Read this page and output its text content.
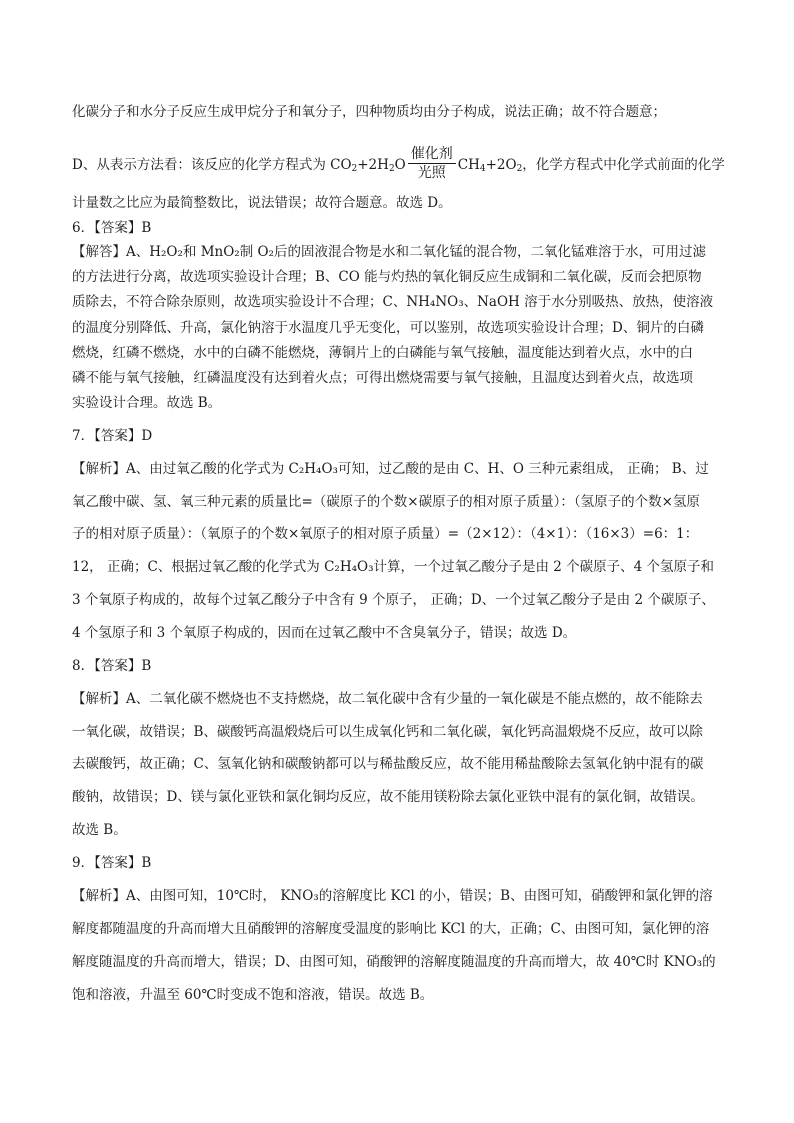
化碳分子和水分子反应生成甲烷分子和氧分子，四种物质均由分子构成，说法正确；故不符合题意；
D、从表示方法看：该反应的化学方程式为 $CO_2+2H_2O \frac{\text{催化剂}}{\text{光照}} CH_4+2O_2$，化学方程式中化学式前面的化学
计量数之比应为最简整数比，说法错误；故符合题意。故选 D。
6．【答案】B
【解答】A、H₂O₂和 MnO₂制 O₂后的固液混合物是水和二氧化锰的混合物，二氧化锰难溶于水，可用过滤
的方法进行分离，故选项实验设计合理；B、CO 能与灼热的氧化铜反应生成铜和二氧化碳，反而会把原物
质除去，不符合除杂原则，故选项实验设计不合理；C、NH₄NO₃、NaOH 溶于水分别吸热、放热，使溶液
的温度分别降低、升高，氯化钠溶于水温度几乎无变化，可以鉴别，故选项实验设计合理；D、铜片的白磷
燃烧，红磷不燃烧，水中的白磷不能燃烧，薄铜片上的白磷能与氧气接触，温度能达到着火点，水中的白
磷不能与氧气接触，红磷温度没有达到着火点；可得出燃烧需要与氧气接触，且温度达到着火点，故选项
实验设计合理。故选 B。
7．【答案】D
【解析】A、由过氧乙酸的化学式为 C₂H₄O₃可知，过乙酸的是由 C、H、O 三种元素组成， 正确； B、过
氧乙酸中碳、氢、氧三种元素的质量比=（碳原子的个数×碳原子的相对原子质量）：（氢原子的个数×氢原
子的相对原子质量）：（氧原子的个数×氧原子的相对原子质量）=（2×12）：（4×1）：（16×3）=6：1：
12， 正确；C、根据过氧乙酸的化学式为 C₂H₄O₃计算，一个过氧乙酸分子是由 2 个碳原子、4 个氢原子和
3 个氧原子构成的，故每个过氧乙酸分子中含有 9 个原子， 正确；D、一个过氧乙酸分子是由 2 个碳原子、
4 个氢原子和 3 个氧原子构成的，因而在过氧乙酸中不含臭氧分子，错误；故选 D。
8．【答案】B
【解析】A、二氧化碳不燃烧也不支持燃烧，故二氧化碳中含有少量的一氧化碳是不能点燃的，故不能除去
一氧化碳，故错误；B、碳酸钙高温煅烧后可以生成氧化钙和二氧化碳，氧化钙高温煅烧不反应，故可以除
去碳酸钙，故正确；C、氢氧化钠和碳酸钠都可以与稀盐酸反应，故不能用稀盐酸除去氢氧化钠中混有的碳
酸钠，故错误；D、镁与氯化亚铁和氯化铜均反应，故不能用镁粉除去氯化亚铁中混有的氯化铜，故错误。
故选 B。
9．【答案】B
【解析】A、由图可知，10℃时， KNO₃的溶解度比 KCl 的小，错误；B、由图可知，硝酸钾和氯化钾的溶
解度都随温度的升高而增大且硝酸钾的溶解度受温度的影响比 KCl 的大，正确；C、由图可知，氯化钾的溶
解度随温度的升高而增大，错误；D、由图可知，硝酸钾的溶解度随温度的升高而增大，故 40℃时 KNO₃的
饱和溶液，升温至 60℃时变成不饱和溶液，错误。故选 B。
